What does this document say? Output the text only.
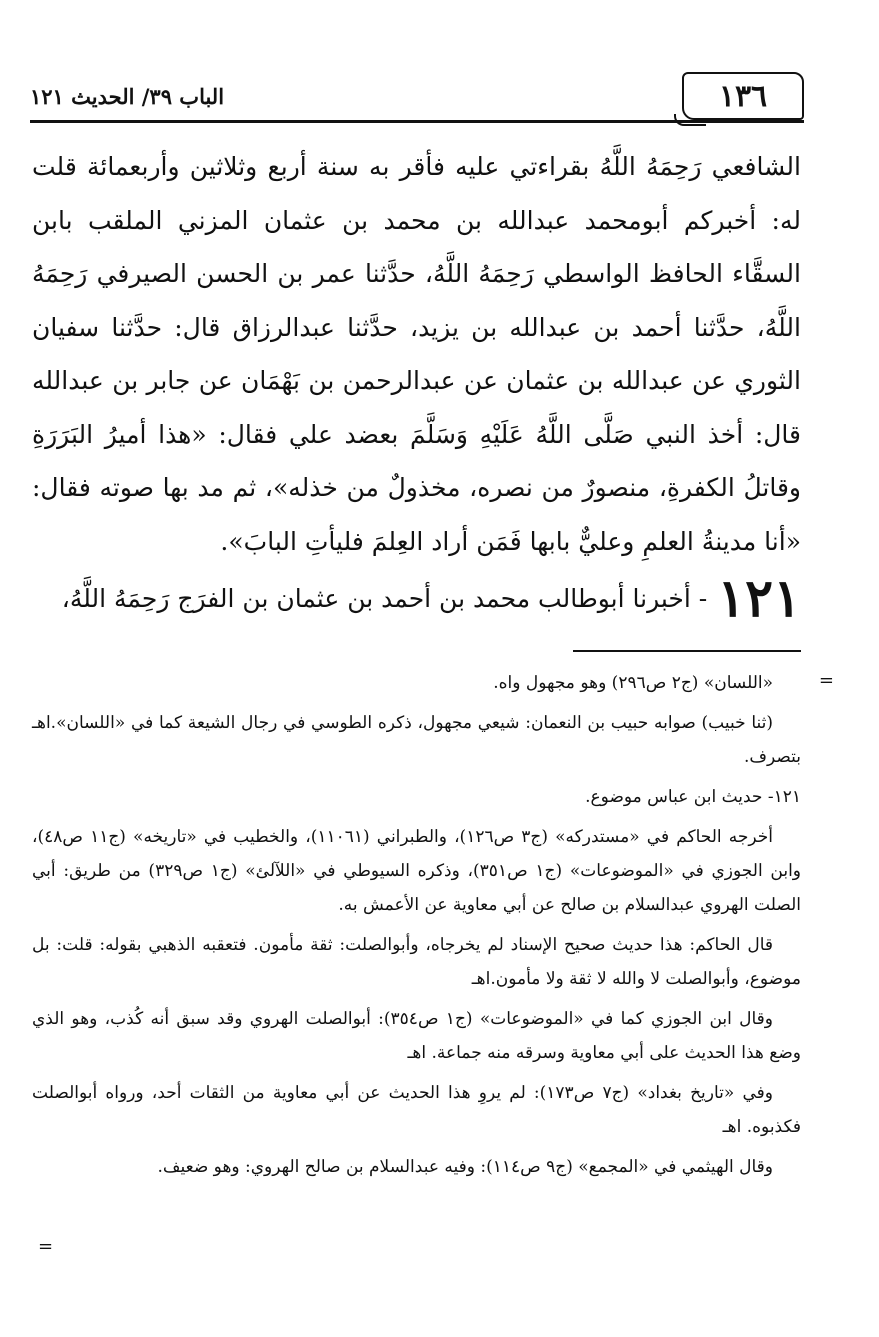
١٣٦
الباب ٣٩/ الحديث ١٢١

الشافعي رَحِمَهُ اللَّهُ بقراءتي عليه فأقر به سنة أربع وثلاثين وأربعمائة قلت له: أخبركم أبومحمد عبدالله بن محمد بن عثمان المزني الملقب بابن السقَّاء الحافظ الواسطي رَحِمَهُ اللَّهُ، حدَّثنا عمر بن الحسن الصيرفي رَحِمَهُ اللَّهُ، حدَّثنا أحمد بن عبدالله بن يزيد، حدَّثنا عبدالرزاق قال: حدَّثنا سفيان الثوري عن عبدالله بن عثمان عن عبدالرحمن بن بَهْمَان عن جابر بن عبدالله قال: أخذ النبي صَلَّى اللَّهُ عَلَيْهِ وَسَلَّمَ بعضد علي فقال: «هذا أميرُ البَرَرَةِ وقاتلُ الكفرةِ، منصورٌ من نصره، مخذولٌ من خذله»، ثم مد بها صوته فقال: «أنا مدينةُ العلمِ وعليٌّ بابها فَمَن أراد العِلمَ فليأتِ البابَ».

١٢١
- أخبرنا أبوطالب محمد بن أحمد بن عثمان بن الفرَج رَحِمَهُ اللَّهُ،
=

«اللسان» (ج٢ ص٢٩٦) وهو مجهول واه.

(ثنا خبيب) صوابه حبيب بن النعمان: شيعي مجهول، ذكره الطوسي في رجال الشيعة كما في «اللسان».اهـ بتصرف.

١٢١- حديث ابن عباس موضوع.

أخرجه الحاكم في «مستدركه» (ج٣ ص١٢٦)، والطبراني (١١٠٦١)، والخطيب في «تاريخه» (ج١١ ص٤٨)، وابن الجوزي في «الموضوعات» (ج١ ص٣٥١)، وذكره السيوطي في «اللآلئ» (ج١ ص٣٢٩) من طريق: أبي الصلت الهروي عبدالسلام بن صالح عن أبي معاوية عن الأعمش به.

قال الحاكم: هذا حديث صحيح الإسناد لم يخرجاه، وأبوالصلت: ثقة مأمون. فتعقبه الذهبي بقوله: قلت: بل موضوع، وأبوالصلت لا والله لا ثقة ولا مأمون.اهـ

وقال ابن الجوزي كما في «الموضوعات» (ج١ ص٣٥٤): أبوالصلت الهروي وقد سبق أنه كُذب، وهو الذي وضع هذا الحديث على أبي معاوية وسرقه منه جماعة. اهـ

وفي «تاريخ بغداد» (ج٧ ص١٧٣): لم يروِ هذا الحديث عن أبي معاوية من الثقات أحد، ورواه أبوالصلت فكذبوه. اهـ

وقال الهيثمي في «المجمع» (ج٩ ص١١٤): وفيه عبدالسلام بن صالح الهروي: وهو ضعيف.

=
